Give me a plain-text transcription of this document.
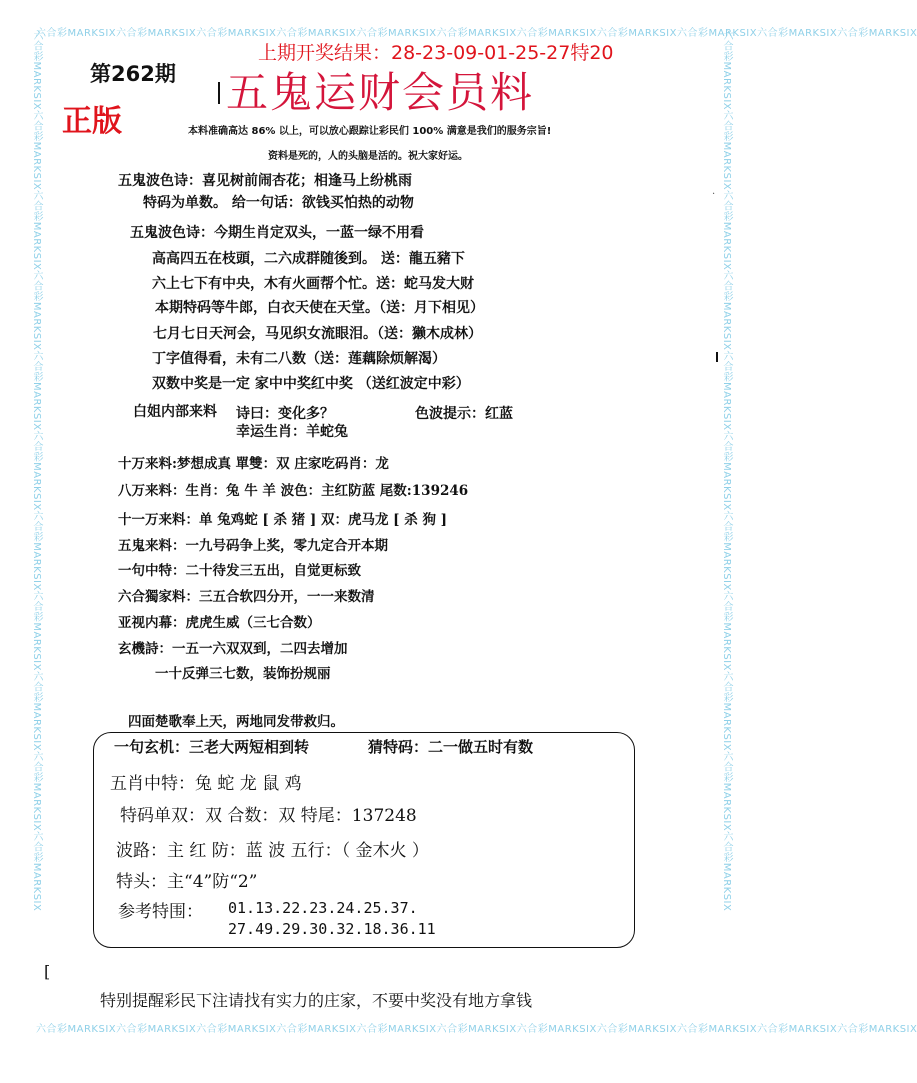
六合彩MARKSIX六合彩MARKSIX六合彩MARKSIX六合彩MARKSIX六合彩MARKSIX六合彩MARKSIX六合彩MARKSIX六合彩MARKSIX六合彩MARKSIX六合彩MARKSIX六合彩MARKSIX
六合彩MARKSIX六合彩MARKSIX六合彩MARKSIX六合彩MARKSIX六合彩MARKSIX六合彩MARKSIX六合彩MARKSIX六合彩MARKSIX六合彩MARKSIX六合彩MARKSIX六合彩MARKSIX
六合彩MARKSIX六合彩MARKSIX六合彩MARKSIX六合彩MARKSIX六合彩MARKSIX六合彩MARKSIX六合彩MARKSIX六合彩MARKSIX六合彩MARKSIX六合彩MARKSIX六合彩MARKSIX	六合彩MARKSIX六合彩MARKSIX六合彩MARKSIX六合彩MARKSIX六合彩MARKSIX六合彩MARKSIX六合彩MARKSIX六合彩MARKSIX六合彩MARKSIX六合彩MARKSIX六合彩MARKSIX
上期开奖结果：28-23-09-01-25-27特20
第262期
正版
五鬼运财会员料
本料准确高达 86% 以上，可以放心跟踪让彩民们 100% 满意是我们的服务宗旨!
资料是死的，人的头脑是活的。祝大家好运。
.
五鬼波色诗：喜见树前闹杏花；相逢马上纷桃雨
特码为单数。 给一句话：欲钱买怕热的动物
五鬼波色诗：今期生肖定双头，一蓝一绿不用看
高高四五在枝頭，二六成群随後到。 送：龍五豬下
六上七下有中央，木有火画帮个忙。送：蛇马发大财
本期特码等牛郎，白衣天使在天堂。（送：月下相见）
七月七日天河会，马见织女流眼泪。（送：獭木成林）
丁字值得看，未有二八数（送：莲藕除烦解渴）
双数中奖是一定 家中中奖红中奖 （送红波定中彩）
白姐内部来料 诗曰：变化多？	色波提示：红蓝
幸运生肖：羊蛇兔
十万来料:梦想成真 單雙：双 庄家吃码肖：龙
八万来料：生肖：兔 牛 羊 波色：主红防蓝 尾数:139246
十一万来料：单 兔鸡蛇 [ 杀 猪 ] 双：虎马龙 [ 杀 狗 ]
五鬼来料：一九号码争上奖，零九定合开本期
一句中特：二十待发三五出，自觉更标致
六合獨家料：三五合软四分开，一一来数清
亚视内幕：虎虎生威（三七合数）
玄機詩：一五一六双双到，二四去增加
一十反弹三七数，装饰扮规丽
四面楚歌奉上天，两地同发带救归。
一句玄机：三老大两短相到转	猜特码：二一做五时有数
五肖中特：兔 蛇 龙 鼠 鸡
特码单双：双 合数：双 特尾：137248
波路：主 红 防：蓝 波 五行：（ 金木火 ）
特头：主“4”防“2”
参考特围： 01.13.22.23.24.25.37.
27.49.29.30.32.18.36.11
[
特别提醒彩民下注请找有实力的庄家，不要中奖没有地方拿钱
